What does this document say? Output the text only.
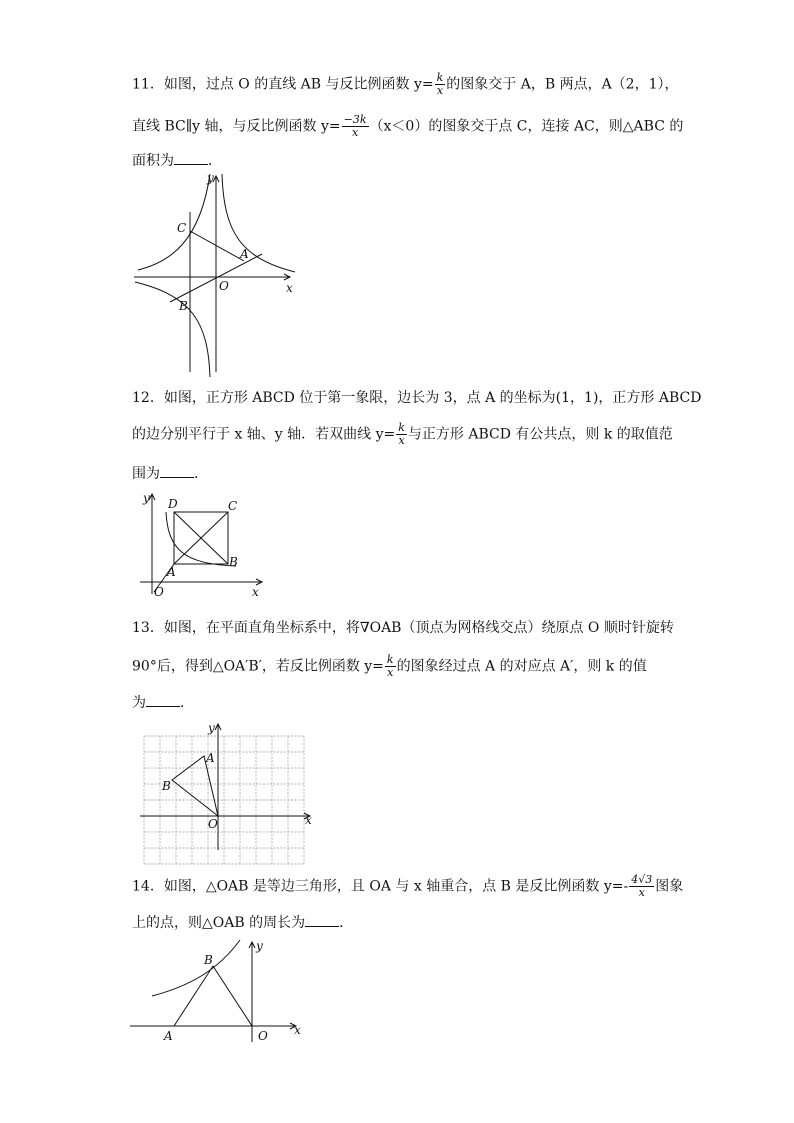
11．如图，过点 O 的直线 AB 与反比例函数 $y= \frac{k}{x}$ 的图象交于 A，B 两点，A（2，1），
直线 BC∥y 轴，与反比例函数 $y= \frac{-3k}{x} (x<0)$的图象交于点 C，连接 AC，则△ABC 的
面积为 ．
y
C
A
O	x
B
12．如图，正方形 ABCD 位于第一象限，边长为 3，点 A 的坐标为(1，1)，正方形 ABCD
的边分别平行于 x 轴、y 轴．若双曲线 $y= \frac{k}{x}$ 与正方形 ABCD 有公共点，则 k 的取值范
围为 .
y D	C
A
B
O	x
13．如图，在平面直角坐标系中，将∇OAB（顶点为网格线交点）绕原点 O 顺时针旋转
90°后，得到△OA′B′，若反比例函数 $y= \frac{k}{x}$ 的图象经过点 A 的对应点 A′，则 k 的值
为 ．
y
A
B
O	x
14．如图，△OAB 是等边三角形，且 OA 与 x 轴重合，点 B 是反比例函数 $y=- \frac{4√3}{x}$ 图象
上的点，则△OAB 的周长为 ．
B
y
A	O x
